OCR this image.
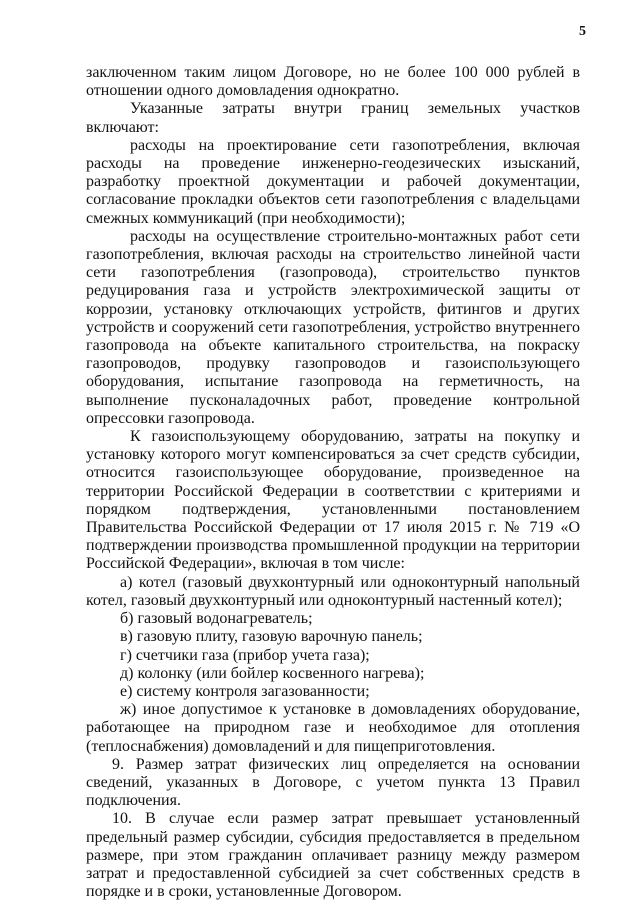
5

заключенном таким лицом Договоре, но не более 100 000 рублей в отношении одного домовладения однократно.

Указанные затраты внутри границ земельных участков включают:

расходы на проектирование сети газопотребления, включая расходы на проведение инженерно-геодезических изысканий, разработку проектной документации и рабочей документации, согласование прокладки объектов сети газопотребления с владельцами смежных коммуникаций (при необходимости);

расходы на осуществление строительно-монтажных работ сети газопотребления, включая расходы на строительство линейной части сети газопотребления (газопровода), строительство пунктов редуцирования газа и устройств электрохимической защиты от коррозии, установку отключающих устройств, фитингов и других устройств и сооружений сети газопотребления, устройство внутреннего газопровода на объекте капитального строительства, на покраску газопроводов, продувку газопроводов и газоиспользующего оборудования, испытание газопровода на герметичность, на выполнение пусконаладочных работ, проведение контрольной опрессовки газопровода.

К газоиспользующему оборудованию, затраты на покупку и установку которого могут компенсироваться за счет средств субсидии, относится газоиспользующее оборудование, произведенное на территории Российской Федерации в соответствии с критериями и порядком подтверждения, установленными постановлением Правительства Российской Федерации от 17 июля 2015 г. № 719 «О подтверждении производства промышленной продукции на территории Российской Федерации», включая в том числе:

а) котел (газовый двухконтурный или одноконтурный напольный котел, газовый двухконтурный или одноконтурный настенный котел);

б) газовый водонагреватель;

в) газовую плиту, газовую варочную панель;

г) счетчики газа (прибор учета газа);

д) колонку (или бойлер косвенного нагрева);

е) систему контроля загазованности;

ж) иное допустимое к установке в домовладениях оборудование, работающее на природном газе и необходимое для отопления (теплоснабжения) домовладений и для пищеприготовления.

9. Размер затрат физических лиц определяется на основании сведений, указанных в Договоре, с учетом пункта 13 Правил подключения.

10. В случае если размер затрат превышает установленный предельный размер субсидии, субсидия предоставляется в предельном размере, при этом гражданин оплачивает разницу между размером затрат и предоставленной субсидией за счет собственных средств в порядке и в сроки, установленные Договором.
